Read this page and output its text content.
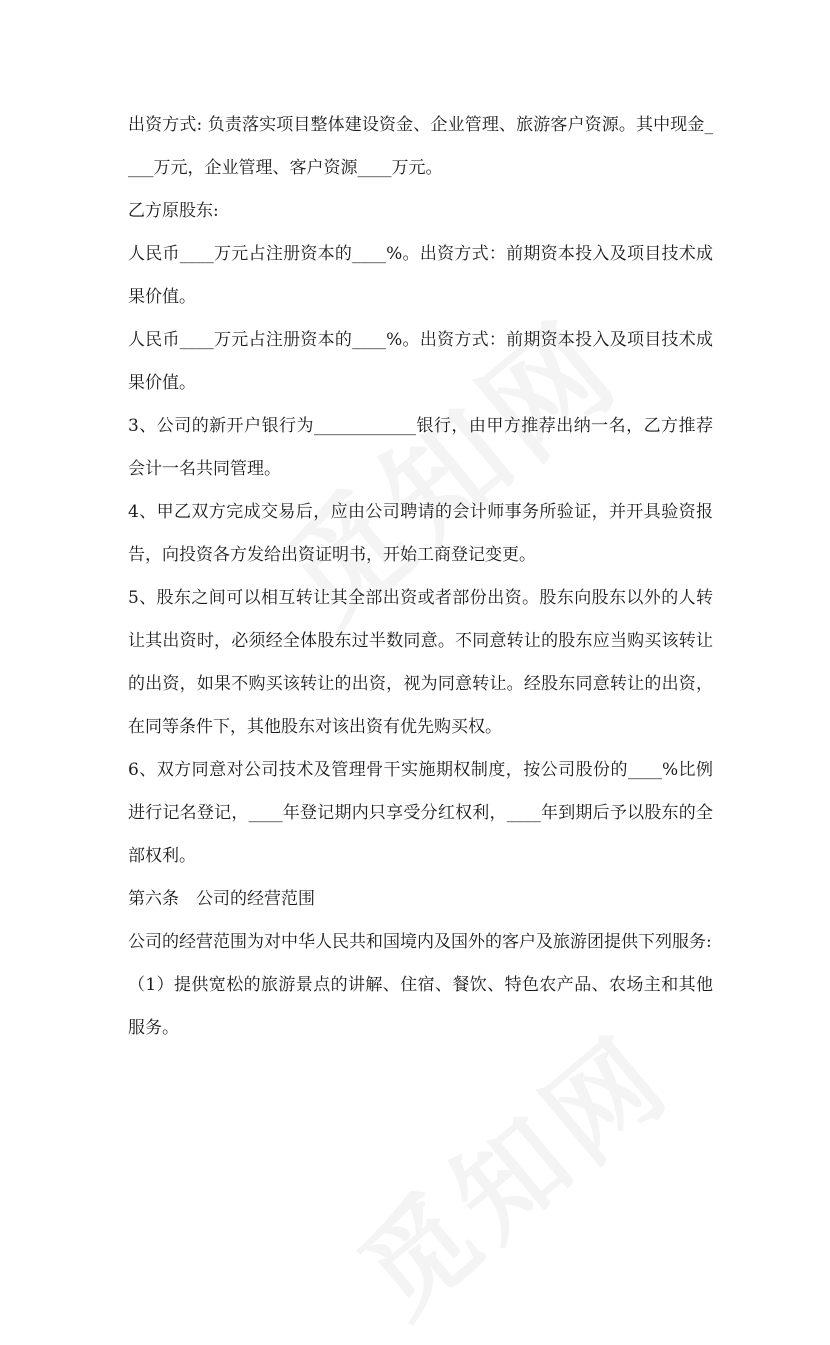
出资方式: 负责落实项目整体建设资金、企业管理、旅游客户资源。其中现金____万元，企业管理、客户资源____万元。

乙方原股东:

人民币____万元占注册资本的____%。出资方式：前期资本投入及项目技术成果价值。

人民币____万元占注册资本的____%。出资方式：前期资本投入及项目技术成果价值。

3、公司的新开户银行为____________银行，由甲方推荐出纳一名，乙方推荐会计一名共同管理。

4、甲乙双方完成交易后，应由公司聘请的会计师事务所验证，并开具验资报告，向投资各方发给出资证明书，开始工商登记变更。

5、股东之间可以相互转让其全部出资或者部份出资。股东向股东以外的人转让其出资时，必须经全体股东过半数同意。不同意转让的股东应当购买该转让的出资，如果不购买该转让的出资，视为同意转让。经股东同意转让的出资，在同等条件下，其他股东对该出资有优先购买权。

6、双方同意对公司技术及管理骨干实施期权制度，按公司股份的____%比例进行记名登记，____年登记期内只享受分红权利，____年到期后予以股东的全部权利。

第六条　公司的经营范围

公司的经营范围为对中华人民共和国境内及国外的客户及旅游团提供下列服务:

（1）提供宽松的旅游景点的讲解、住宿、餐饮、特色农产品、农场主和其他服务。
